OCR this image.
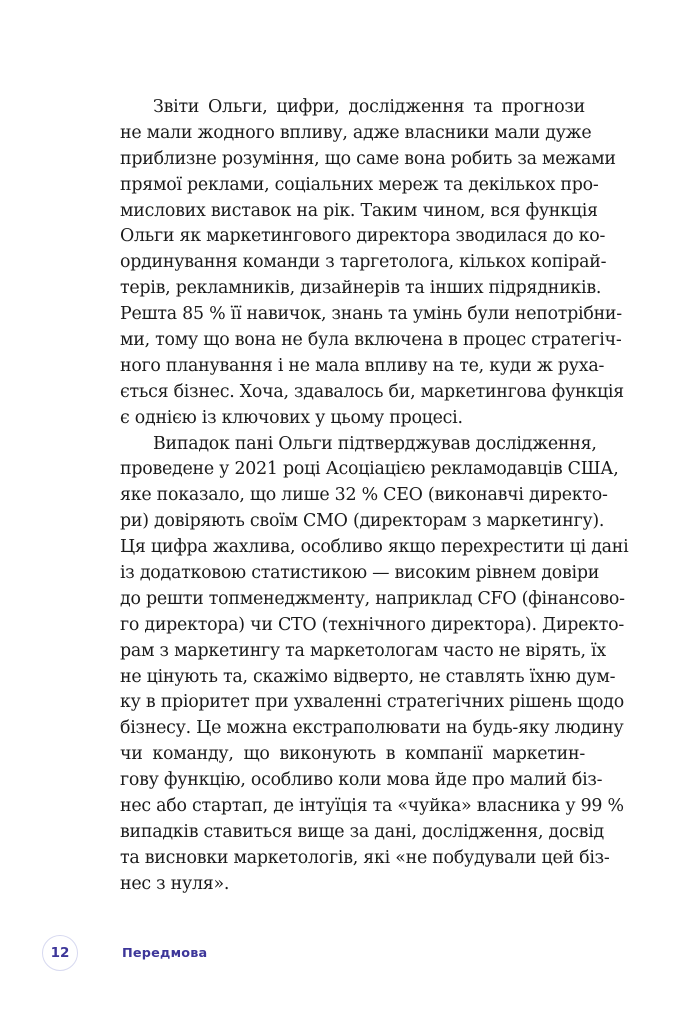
Звіти Ольги, цифри, дослідження та прогнози
не мали жодного впливу, адже власники мали дуже
приблизне розуміння, що саме вона робить за межами
прямої реклами, соціальних мереж та декількох про-
мислових виставок на рік. Таким чином, вся функція
Ольги як маркетингового директора зводилася до ко-
ординування команди з таргетолога, кількох копірай-
терів, рекламників, дизайнерів та інших підрядників.
Решта 85 % її навичок, знань та умінь були непотрібни-
ми, тому що вона не була включена в процес стратегіч-
ного планування і не мала впливу на те, куди ж руха-
ється бізнес. Хоча, здавалось би, маркетингова функція
є однією із ключових у цьому процесі.

Випадок пані Ольги підтверджував дослідження,
проведене у 2021 році Асоціацією рекламодавців США,
яке показало, що лише 32 % CEO (виконавчі директо-
ри) довіряють своїм CMO (директорам з маркетингу).
Ця цифра жахлива, особливо якщо перехрестити ці дані
із додатковою статистикою — високим рівнем довіри
до решти топменеджменту, наприклад CFO (фінансово-
го директора) чи CTO (технічного директора). Директо-
рам з маркетингу та маркетологам часто не вірять, їх
не цінують та, скажімо відверто, не ставлять їхню дум-
ку в пріоритет при ухваленні стратегічних рішень щодо
бізнесу. Це можна екстраполювати на будь-яку людину
чи команду, що виконують в компанії маркетин-
гову функцію, особливо коли мова йде про малий біз-
нес або стартап, де інтуїція та «чуйка» власника у 99 %
випадків ставиться вище за дані, дослідження, досвід
та висновки маркетологів, які «не побудували цей біз-
нес з нуля».

12	Передмова
